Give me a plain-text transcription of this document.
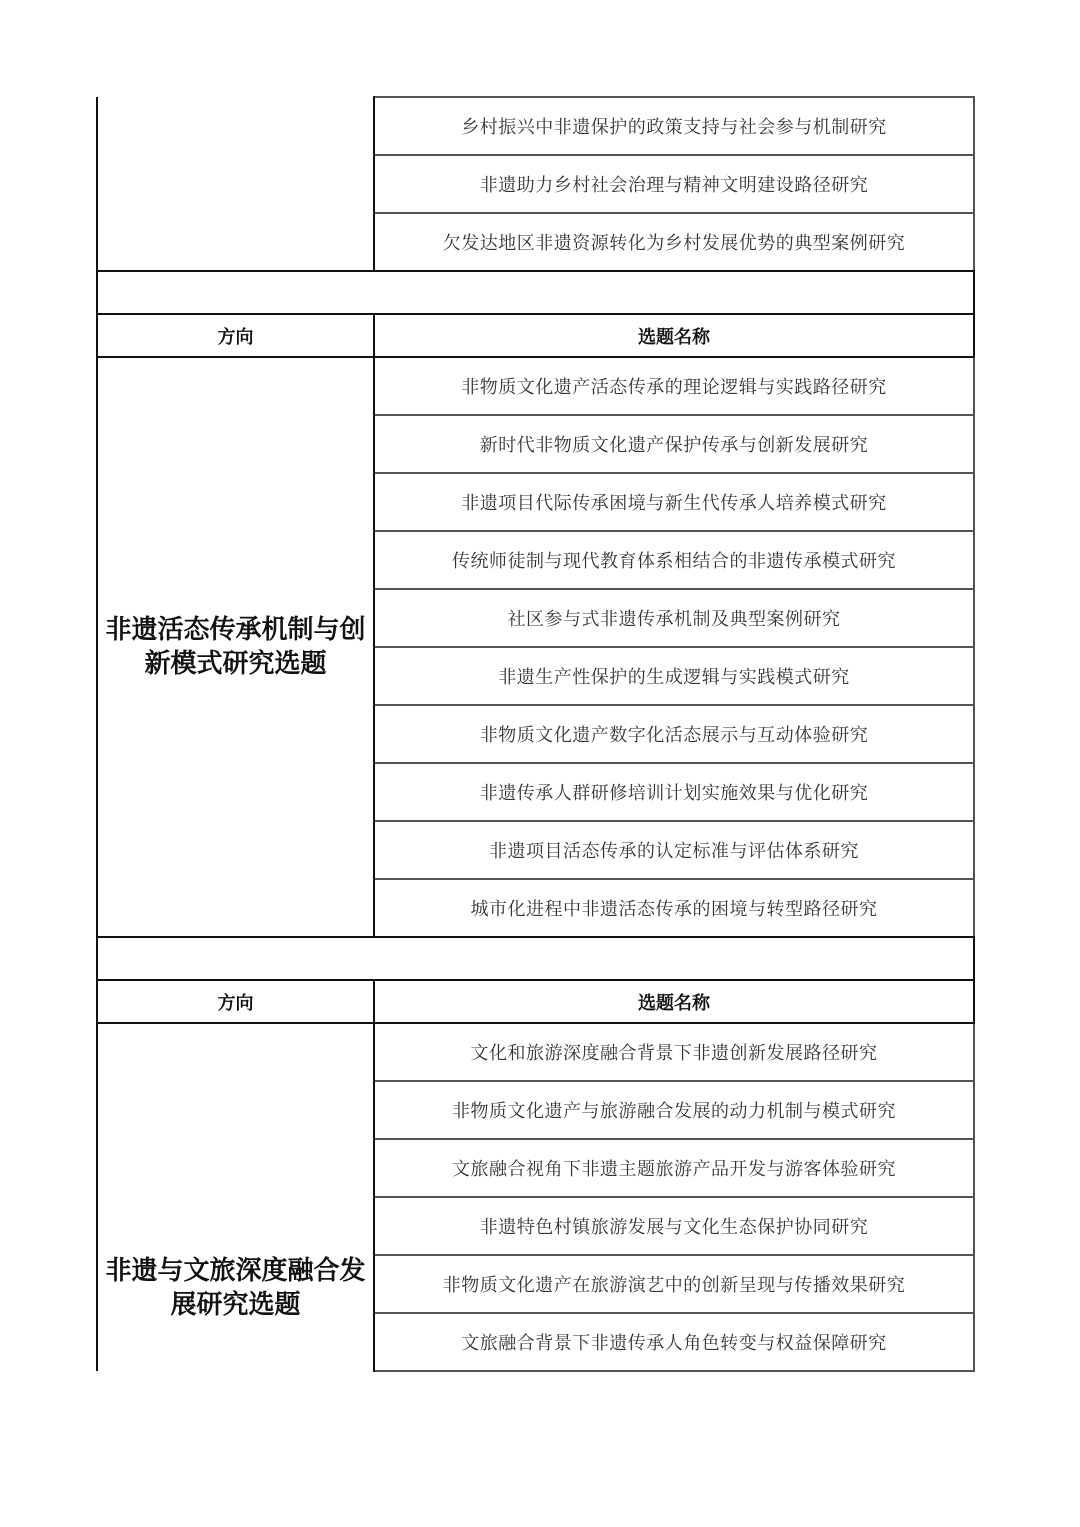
	乡村振兴中非遗保护的政策支持与社会参与机制研究
	非遗助力乡村社会治理与精神文明建设路径研究
	欠发达地区非遗资源转化为乡村发展优势的典型案例研究

方向	选题名称
非遗活态传承机制与创新模式研究选题	非物质文化遗产活态传承的理论逻辑与实践路径研究
	新时代非物质文化遗产保护传承与创新发展研究
	非遗项目代际传承困境与新生代传承人培养模式研究
	传统师徒制与现代教育体系相结合的非遗传承模式研究
	社区参与式非遗传承机制及典型案例研究
	非遗生产性保护的生成逻辑与实践模式研究
	非物质文化遗产数字化活态展示与互动体验研究
	非遗传承人群研修培训计划实施效果与优化研究
	非遗项目活态传承的认定标准与评估体系研究
	城市化进程中非遗活态传承的困境与转型路径研究

方向	选题名称
非遗与文旅深度融合发展研究选题	文化和旅游深度融合背景下非遗创新发展路径研究
	非物质文化遗产与旅游融合发展的动力机制与模式研究
	文旅融合视角下非遗主题旅游产品开发与游客体验研究
	非遗特色村镇旅游发展与文化生态保护协同研究
	非物质文化遗产在旅游演艺中的创新呈现与传播效果研究
	文旅融合背景下非遗传承人角色转变与权益保障研究
